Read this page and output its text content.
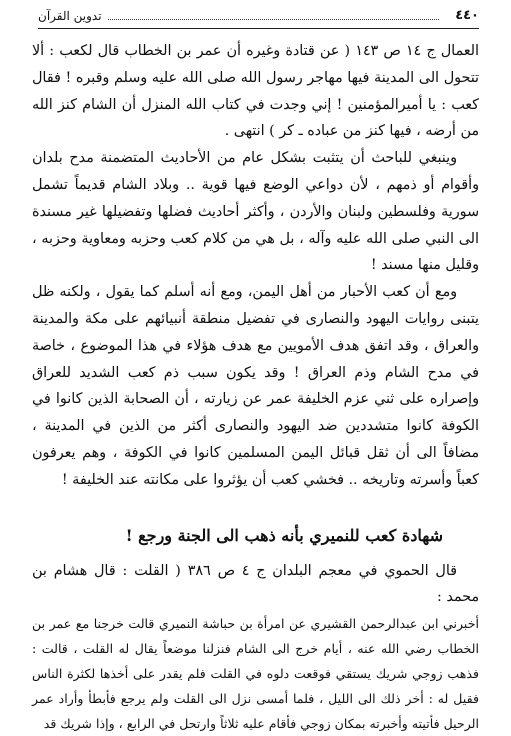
٤٤٠
تدوين القرآن

العمال ج ١٤ ص ١٤٣ ( عن قتادة وغيره أن عمر بن الخطاب قال لكعب : ألا تتحول الى المدينة فيها مهاجر رسول الله صلى الله عليه وسلم وقبره ! فقال كعب : يا أميرالمؤمنين ! إني وجدت في كتاب الله المنزل أن الشام كنز الله من أرضه ، فيها كنز من عباده ـ كر ) انتهى .

وينبغي للباحث أن يتثبت بشكل عام من الأحاديث المتضمنة مدح بلدان وأقوام أو ذمهم ، لأن دواعي الوضع فيها قوية .. وبلاد الشام قديماً تشمل سورية وفلسطين ولبنان والأردن ، وأكثر أحاديث فضلها وتفضيلها غير مسندة الى النبي صلى الله عليه وآله ، بل هي من كلام كعب وحزبه ومعاوية وحزبه ، وقليل منها مسند !

ومع أن كعب الأحبار من أهل اليمن، ومع أنه أسلم كما يقول ، ولكنه ظل يتبنى روايات اليهود والنصارى في تفضيل منطقة أنبيائهم على مكة والمدينة والعراق ، وقد اتفق هدف الأمويين مع هدف هؤلاء في هذا الموضوع ، خاصة في مدح الشام وذم العراق ! وقد يكون سبب ذم كعب الشديد للعراق وإصراره على ثني عزم الخليفة عمر عن زيارته ، أن الصحابة الذين كانوا في الكوفة كانوا متشددين ضد اليهود والنصارى أكثر من الذين في المدينة ، مضافاً الى أن ثقل قبائل اليمن المسلمين كانوا في الكوفة ، وهم يعرفون كعباً وأسرته وتاريخه .. فخشي كعب أن يؤثروا على مكانته عند الخليفة !

شهادة كعب للنميري بأنه ذهب الى الجنة ورجع !

قال الحموي في معجم البلدان ج ٤ ص ٣٨٦ ( القلت : قال هشام بن محمد :

أخبرني ابن عبدالرحمن القشيري عن امرأة بن حباشة النميري قالت خرجنا مع عمر بن الخطاب رضي الله عنه ، أيام خرج الى الشام فنزلنا موضعاً يقال له القلت ، قالت : فذهب زوجي شريك يستقي فوقعت دلوه في القلت فلم يقدر على أخذها لكثرة الناس فقيل له : أخر ذلك الى الليل ، فلما أمسى نزل الى القلت ولم يرجع فأبطأ وأراد عمر الرحيل فأتيته وأخبرته بمكان زوجي فأقام عليه ثلاثاً وارتحل في الرابع ، وإذا شريك قد
